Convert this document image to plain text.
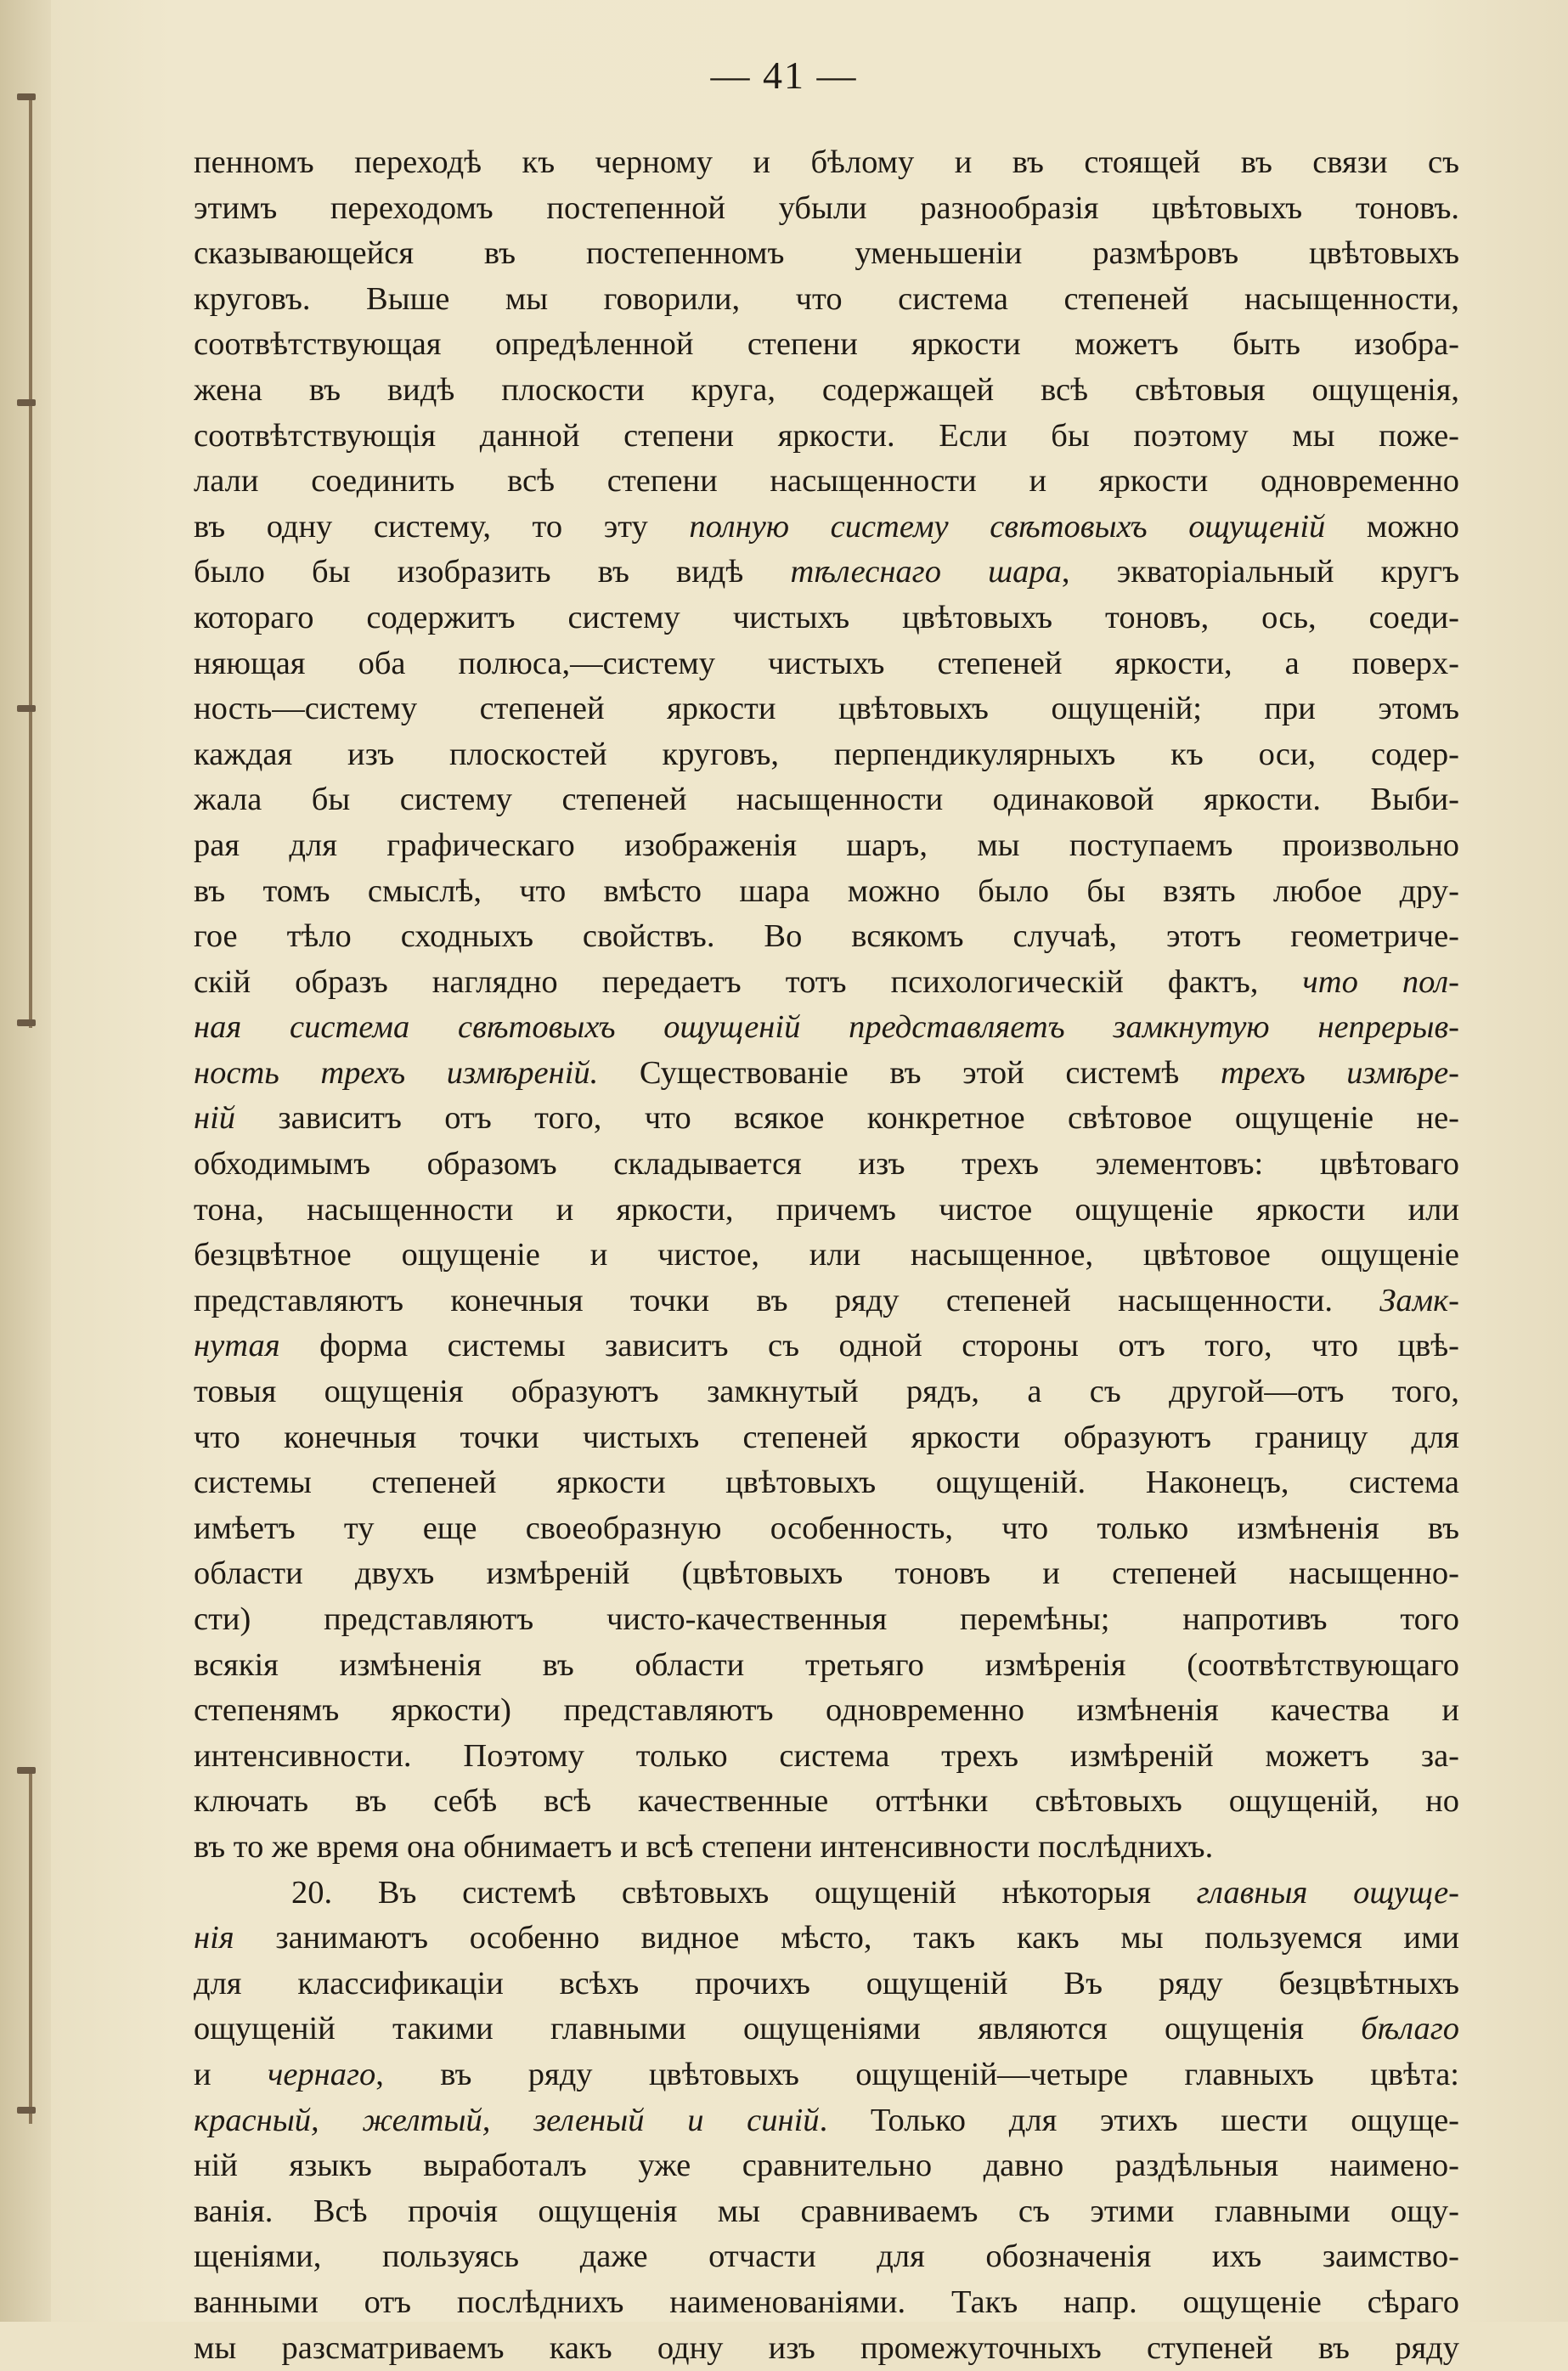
— 41 —
пенномъ переходѣ къ черному и бѣлому и въ стоящей въ связи съ
этимъ переходомъ постепенной убыли разнообразія цвѣтовыхъ тоновъ.
сказывающейся въ постепенномъ уменьшеніи размѣровъ цвѣтовыхъ
круговъ. Выше мы говорили, что система степеней насыщенности,
соотвѣтствующая опредѣленной степени яркости можетъ быть изобра-
жена въ видѣ плоскости круга, содержащей всѣ свѣтовыя ощущенія,
соотвѣтствующія данной степени яркости. Если бы поэтому мы поже-
лали соединить всѣ степени насыщенности и яркости одновременно
въ одну систему, то эту полную систему свѣтовыхъ ощущеній можно
было бы изобразить въ видѣ тѣлеснаго шара, экваторіальный кругъ
котораго содержитъ систему чистыхъ цвѣтовыхъ тоновъ, ось, соеди-
няющая оба полюса,—систему чистыхъ степеней яркости, а поверх-
ность—систему степеней яркости цвѣтовыхъ ощущеній; при этомъ
каждая изъ плоскостей круговъ, перпендикулярныхъ къ оси, содер-
жала бы систему степеней насыщенности одинаковой яркости. Выби-
рая для графическаго изображенія шаръ, мы поступаемъ произвольно
въ томъ смыслѣ, что вмѣсто шара можно было бы взять любое дру-
гое тѣло сходныхъ свойствъ. Во всякомъ случаѣ, этотъ геометриче-
скій образъ наглядно передаетъ тотъ психологическій фактъ, что пол-
ная система свѣтовыхъ ощущеній представляетъ замкнутую непрерыв-
ность трехъ измѣреній. Существованіе въ этой системѣ трехъ измѣре-
ній зависитъ отъ того, что всякое конкретное свѣтовое ощущеніе не-
обходимымъ образомъ складывается изъ трехъ элементовъ: цвѣтоваго
тона, насыщенности и яркости, причемъ чистое ощущеніе яркости или
безцвѣтное ощущеніе и чистое, или насыщенное, цвѣтовое ощущеніе
представляютъ конечныя точки въ ряду степеней насыщенности. Замк-
нутая форма системы зависитъ съ одной стороны отъ того, что цвѣ-
товыя ощущенія образуютъ замкнутый рядъ, а съ другой—отъ того,
что конечныя точки чистыхъ степеней яркости образуютъ границу для
системы степеней яркости цвѣтовыхъ ощущеній. Наконецъ, система
имѣетъ ту еще своеобразную особенность, что только измѣненія въ
области двухъ измѣреній (цвѣтовыхъ тоновъ и степеней насыщенно-
сти) представляютъ чисто-качественныя перемѣны; напротивъ того
всякія измѣненія въ области третьяго измѣренія (соотвѣтствующаго
степенямъ яркости) представляютъ одновременно измѣненія качества и
интенсивности. Поэтому только система трехъ измѣреній можетъ за-
ключать въ себѣ всѣ качественные оттѣнки свѣтовыхъ ощущеній, но
въ то же время она обнимаетъ и всѣ степени интенсивности послѣднихъ.
20. Въ системѣ свѣтовыхъ ощущеній нѣкоторыя главныя ощуще-
нія занимаютъ особенно видное мѣсто, такъ какъ мы пользуемся ими
для классификаціи всѣхъ прочихъ ощущеній Въ ряду безцвѣтныхъ
ощущеній такими главными ощущеніями являются ощущенія бѣлаго
и чернаго, въ ряду цвѣтовыхъ ощущеній—четыре главныхъ цвѣта:
красный, желтый, зеленый и синій. Только для этихъ шести ощуще-
ній языкъ выработалъ уже сравнительно давно раздѣльныя наимено-
ванія. Всѣ прочія ощущенія мы сравниваемъ съ этими главными ощу-
щеніями, пользуясь даже отчасти для обозначенія ихъ заимство-
ванными отъ послѣднихъ наименованіями. Такъ напр. ощущеніе сѣраго
мы разсматриваемъ какъ одну изъ промежуточныхъ ступеней въ ряду
